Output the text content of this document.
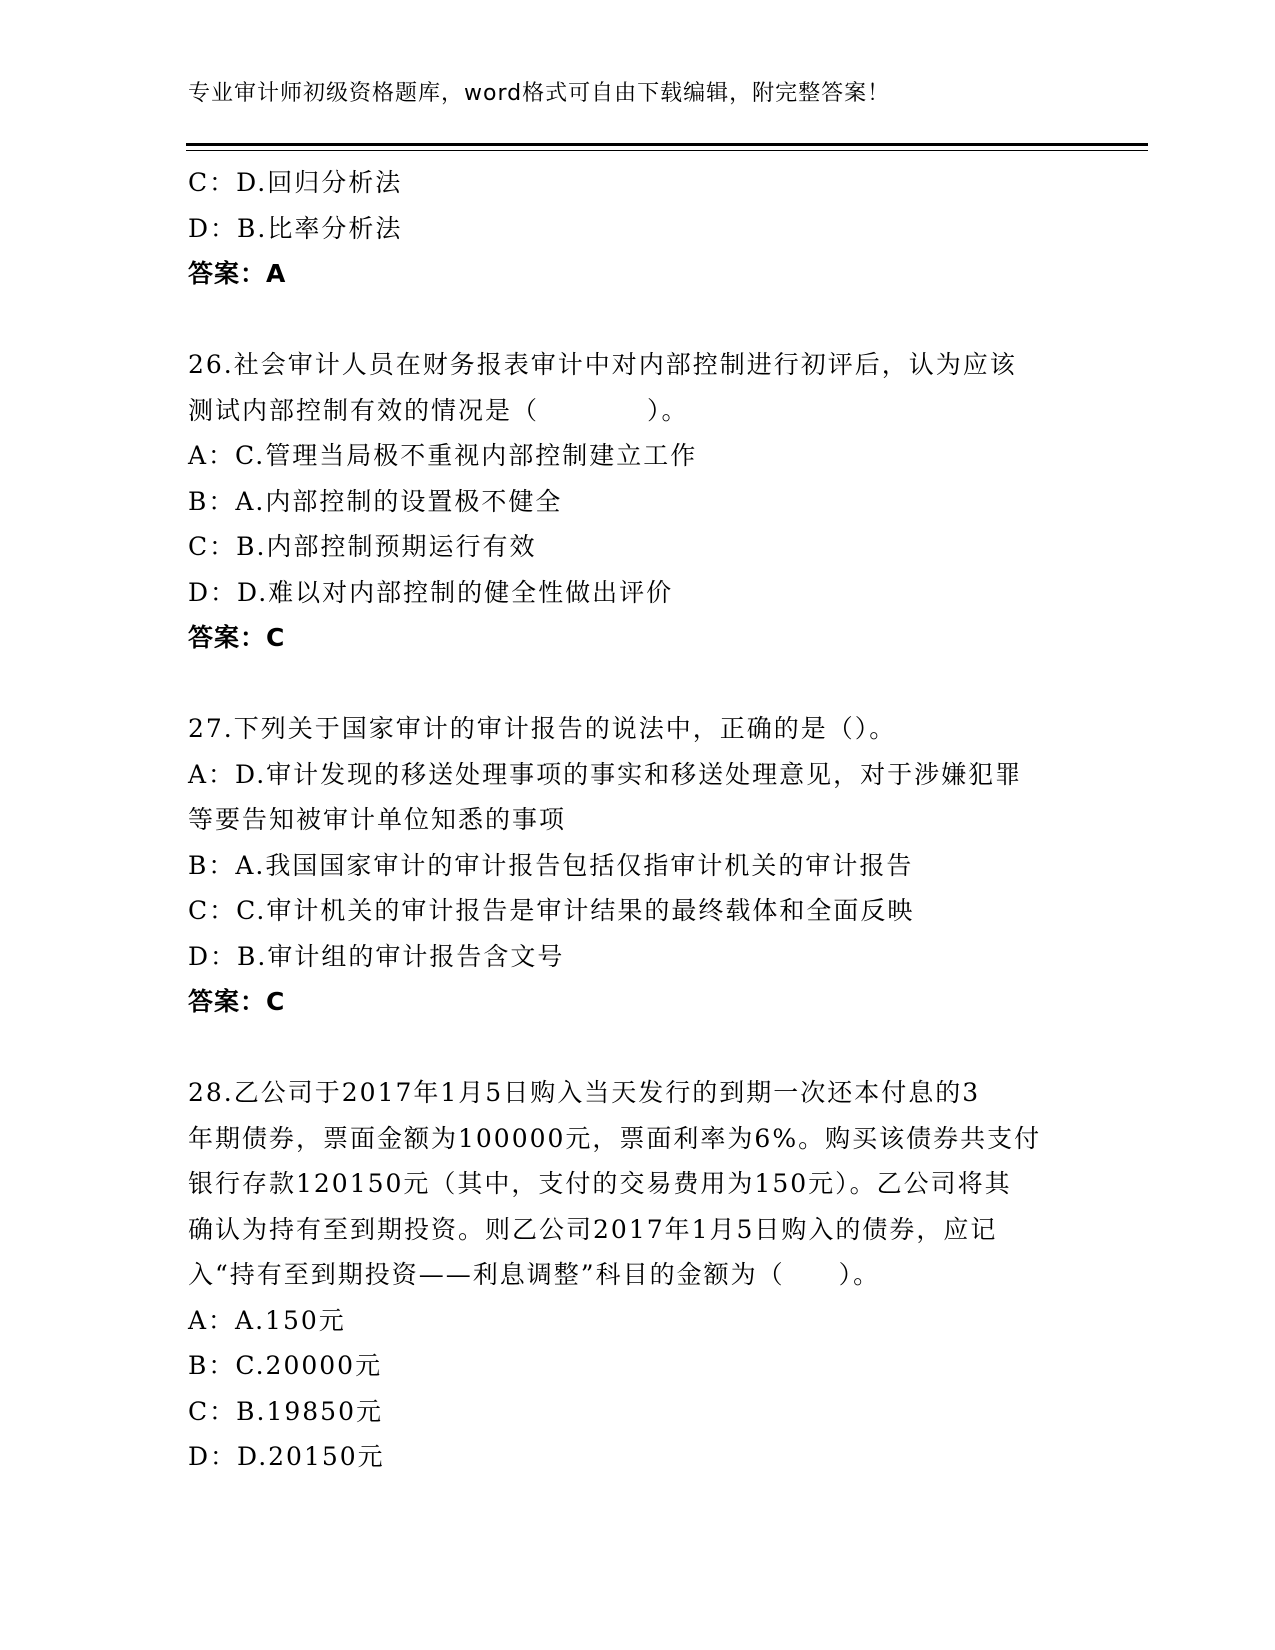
专业审计师初级资格题库，word格式可自由下载编辑，附完整答案！
C：D.回归分析法
D：B.比率分析法
答案：A
26.社会审计人员在财务报表审计中对内部控制进行初评后，认为应该
测试内部控制有效的情况是（　　　　）。
A：C.管理当局极不重视内部控制建立工作
B：A.内部控制的设置极不健全
C：B.内部控制预期运行有效
D：D.难以对内部控制的健全性做出评价
答案：C
27.下列关于国家审计的审计报告的说法中，正确的是（）。
A：D.审计发现的移送处理事项的事实和移送处理意见，对于涉嫌犯罪
等要告知被审计单位知悉的事项
B：A.我国国家审计的审计报告包括仅指审计机关的审计报告
C：C.审计机关的审计报告是审计结果的最终载体和全面反映
D：B.审计组的审计报告含文号
答案：C
28.乙公司于2017年1月5日购入当天发行的到期一次还本付息的3
年期债券，票面金额为100000元，票面利率为6%。购买该债券共支付
银行存款120150元（其中，支付的交易费用为150元）。乙公司将其
确认为持有至到期投资。则乙公司2017年1月5日购入的债券，应记
入“持有至到期投资——利息调整”科目的金额为（　　）。
A：A.150元
B：C.20000元
C：B.19850元
D：D.20150元
